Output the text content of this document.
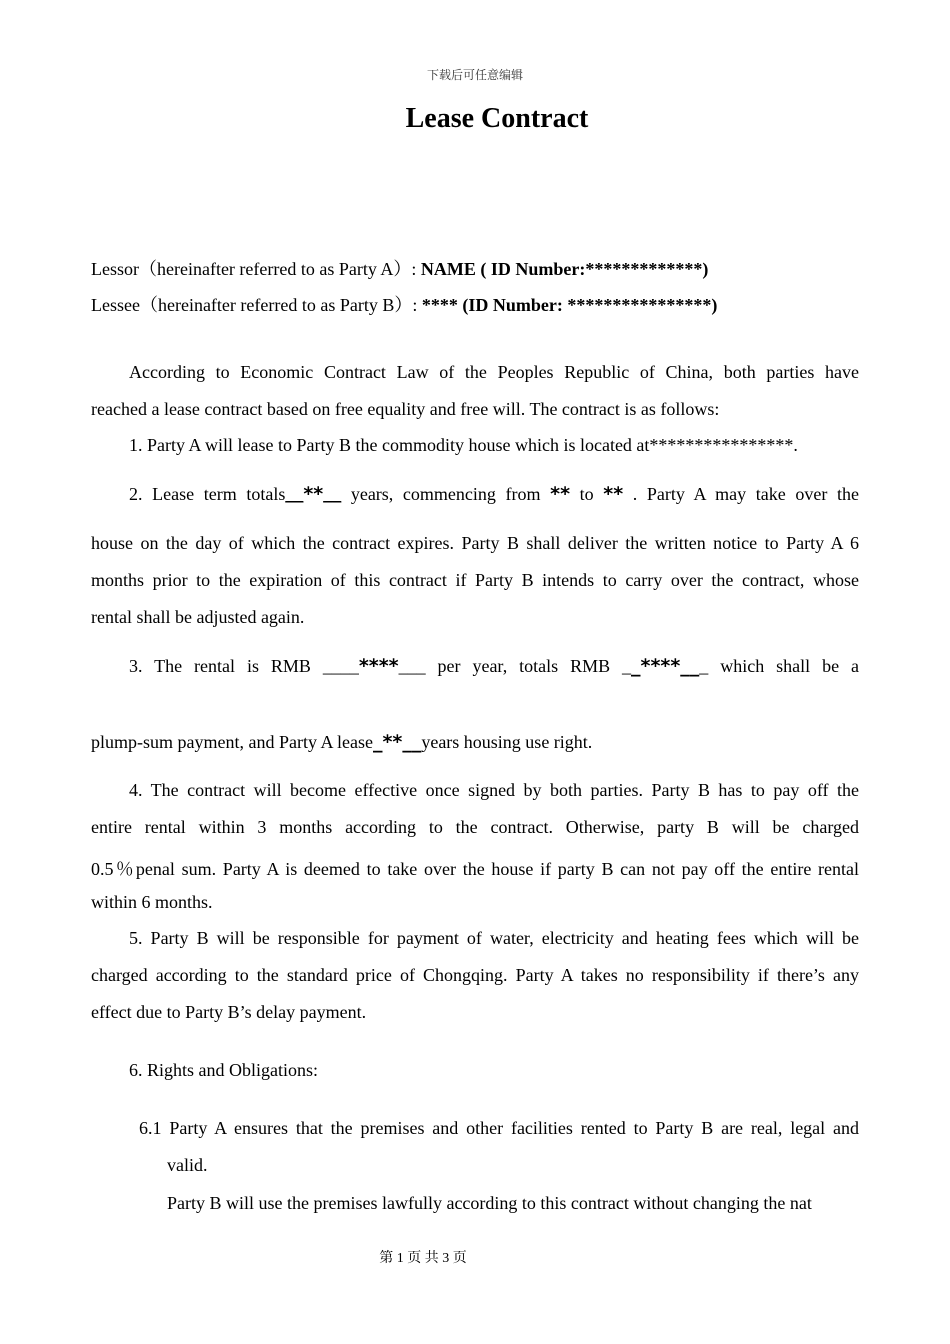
下载后可任意编辑
Lease Contract
Lessor（hereinafter referred to as Party A）: NAME ( ID Number:*************)
Lessee（hereinafter referred to as Party B）: **** (ID Number: ****************)
According to Economic Contract Law of the Peoples Republic of China, both parties have
reached a lease contract based on free equality and free will. The contract is as follows:
1. Party A will lease to Party B the commodity house which is located at****************.
2. Lease term totals__**__ years, commencing from ** to ** . Party A may take over the
house on the day of which the contract expires. Party B shall deliver the written notice to Party A 6
months prior to the expiration of this contract if Party B intends to carry over the contract, whose
rental shall be adjusted again.
3. The rental is RMB ____****___ per year, totals RMB __****___ which shall be a
plump-sum payment, and Party A lease_**__years housing use right.
4. The contract will become effective once signed by both parties. Party B has to pay off the
entire rental within 3 months according to the contract. Otherwise, party B will be charged
0.5％penal sum. Party A is deemed to take over the house if party B can not pay off the entire rental
within 6 months.
5. Party B will be responsible for payment of water, electricity and heating fees which will be
charged according to the standard price of Chongqing. Party A takes no responsibility if there’s any
effect due to Party B’s delay payment.
6. Rights and Obligations:
6.1 Party A ensures that the premises and other facilities rented to Party B are real, legal and
valid.
Party B will use the premises lawfully according to this contract without changing the nat
第 1 页 共 3 页
